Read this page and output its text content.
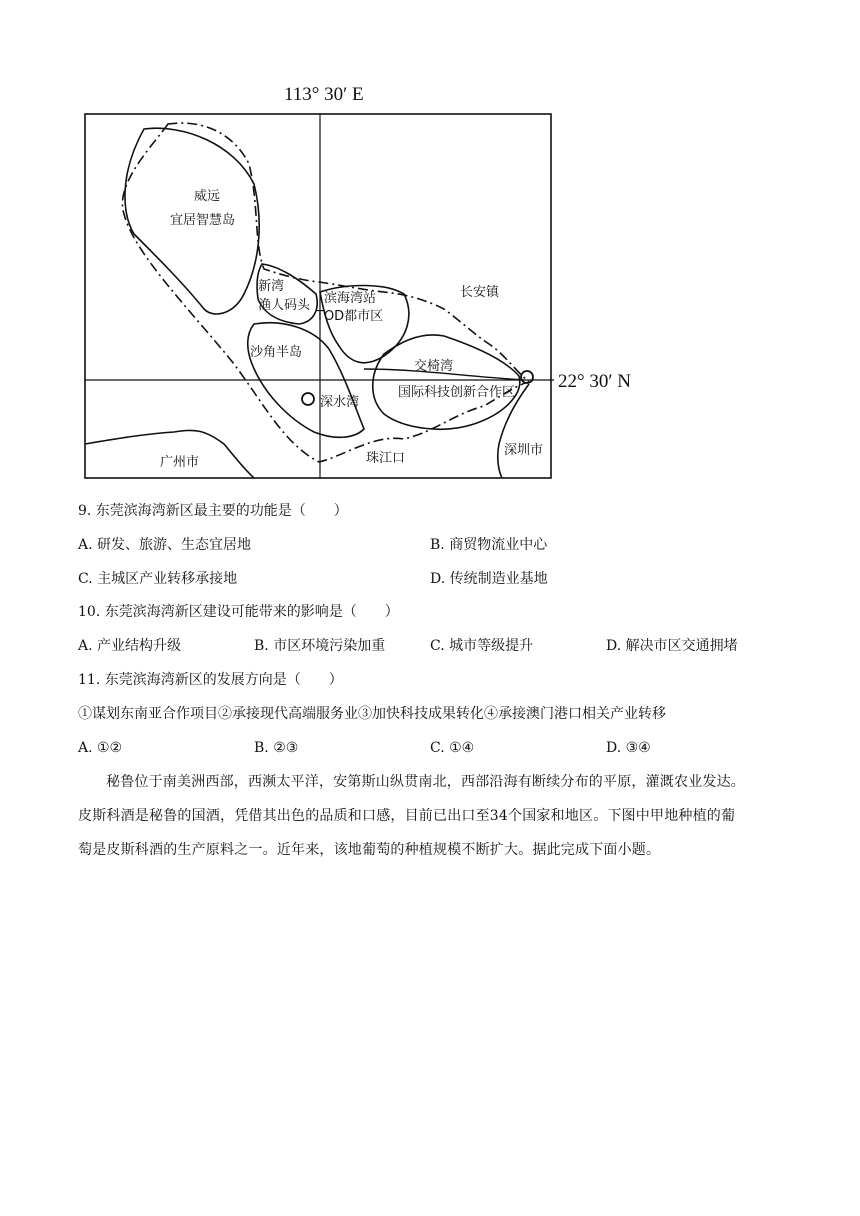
113° 30′ E
22° 30′ N
威远
宜居智慧岛
新湾
渔人码头 滨海湾站
TOD都市区
长安镇
沙角半岛
交椅湾
国际科技创新合作区
深水湾
广州市	珠江口
深圳市
9. 东莞滨海湾新区最主要的功能是（　　）
A. 研发、旅游、生态宜居地	B. 商贸物流业中心
C. 主城区产业转移承接地	D. 传统制造业基地
10. 东莞滨海湾新区建设可能带来的影响是（　　）
A. 产业结构升级	B. 市区环境污染加重	C. 城市等级提升	D. 解决市区交通拥堵
11. 东莞滨海湾新区的发展方向是（　　）
①谋划东南亚合作项目②承接现代高端服务业③加快科技成果转化④承接澳门港口相关产业转移
A. ①②	B. ②③	C. ①④	D. ③④
秘鲁位于南美洲西部，西濒太平洋，安第斯山纵贯南北，西部沿海有断续分布的平原，灌溉农业发达。
皮斯科酒是秘鲁的国酒，凭借其出色的品质和口感，目前已出口至34个国家和地区。下图中甲地种植的葡
萄是皮斯科酒的生产原料之一。近年来，该地葡萄的种植规模不断扩大。据此完成下面小题。
